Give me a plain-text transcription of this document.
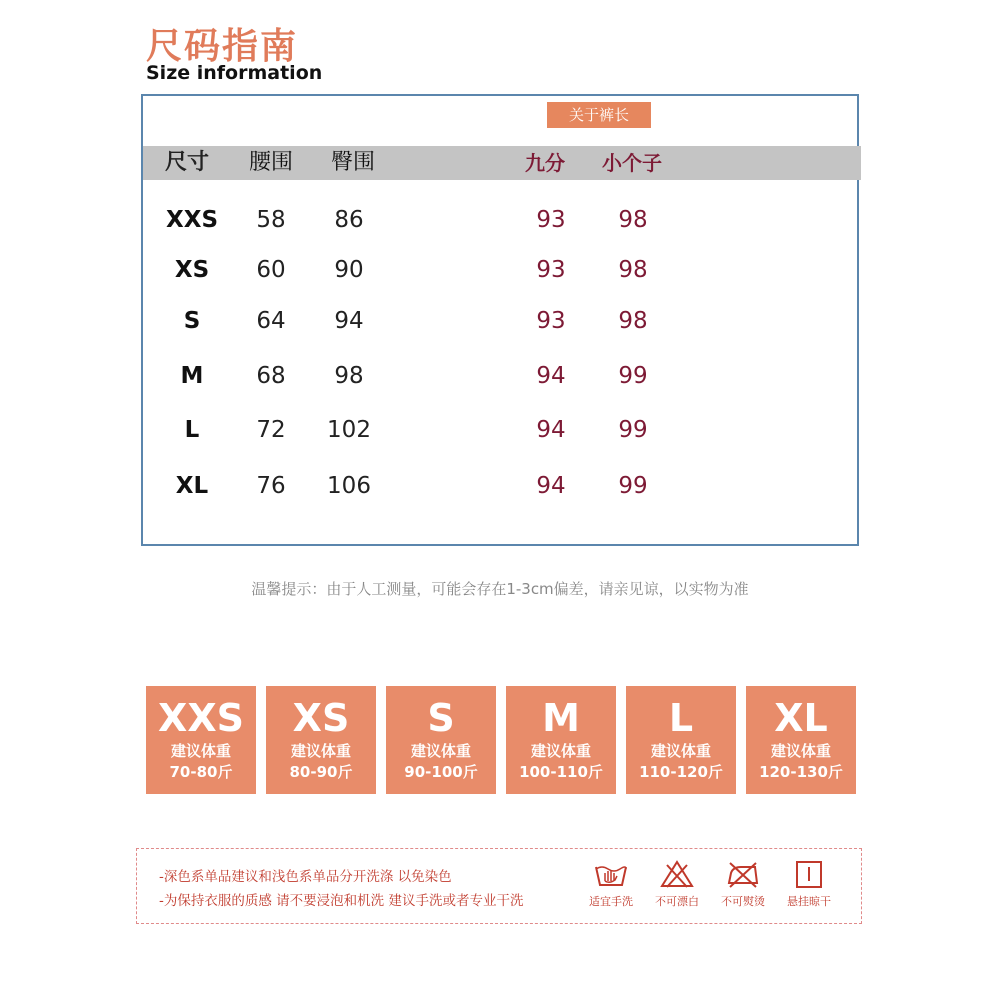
尺码指南
Size information
关于裤长
尺寸 腰围 臀围	九分 小个子
XXS	58	86	93	98
XS	60	90	93	98
S	64	94	93	98
M	68	98	94	99
L	72	102	94	99
XL	76	106	94	99
温馨提示：由于人工测量，可能会存在1-3cm偏差，请亲见谅，以实物为准
XXS
建议体重
70-80斤
XS
建议体重
80-90斤
S
建议体重
90-100斤
M
建议体重
100-110斤
L
建议体重
110-120斤
XL
建议体重
120-130斤
-深色系单品建议和浅色系单品分开洗涤 以免染色
-为保持衣服的质感 请不要浸泡和机洗 建议手洗或者专业干洗	适宜手洗	不可漂白	不可熨烫	悬挂晾干
